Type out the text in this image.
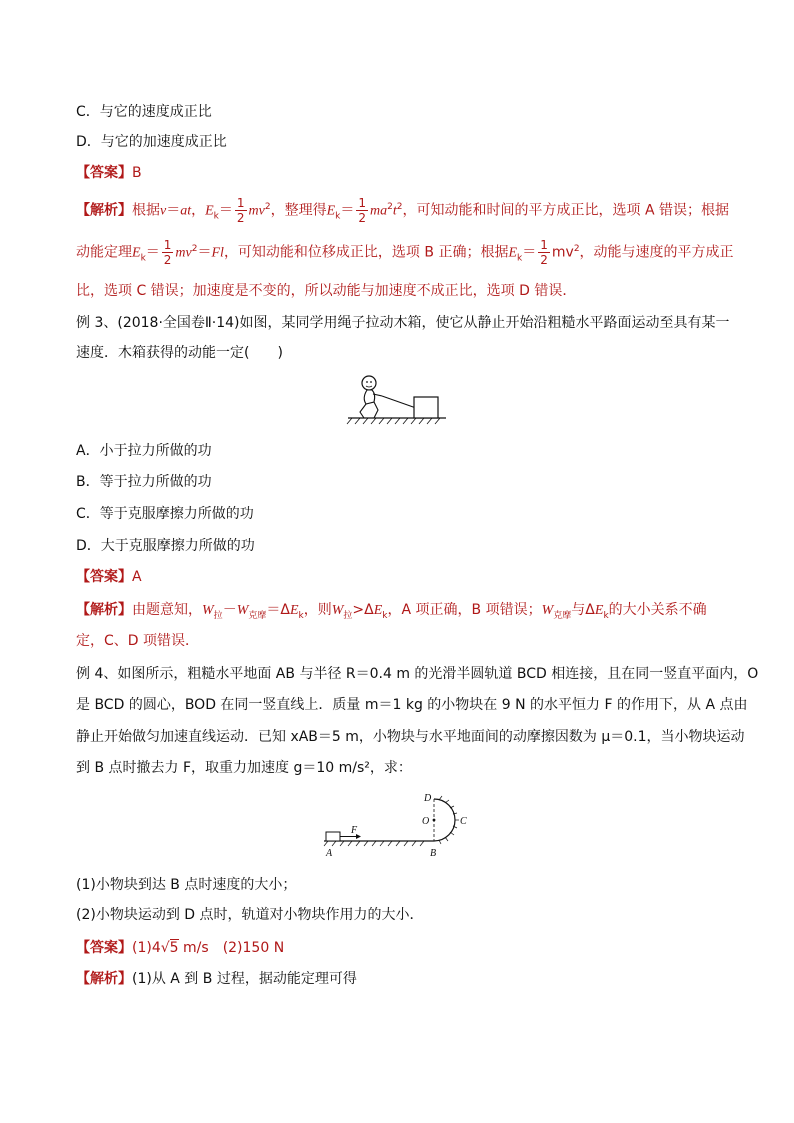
C．与它的速度成正比
D．与它的加速度成正比
【答案】B
【解析】根据v＝at，$E_k= \frac{1}{2} mv^2$，整理得$E_k= \frac{1}{2} ma^2t^2$，可知动能和时间的平方成正比，选项 A 错误；根据
动能定理$E_k= \frac{1}{2} mv^2=Fl$，可知动能和位移成正比，选项 B 正确；根据$E_k= \frac{1}{2} mv^2$，动能与速度的平方成正
比，选项 C 错误；加速度是不变的，所以动能与加速度不成正比，选项 D 错误．
例 3、(2018·全国卷Ⅱ·14)如图，某同学用绳子拉动木箱，使它从静止开始沿粗糙水平路面运动至具有某一
速度．木箱获得的动能一定(　　)
A．小于拉力所做的功
B．等于拉力所做的功
C．等于克服摩擦力所做的功
D．大于克服摩擦力所做的功
【答案】A
【解析】由题意知，$W_拉-W_{克摩}=\Delta E_k$，则$W_拉>\Delta E_k$，A 项正确，B 项错误；$W_{克摩}$与$\Delta E_k$的大小关系不确
定，C、D 项错误．
例 4、如图所示，粗糙水平地面 AB 与半径 R＝0.4 m 的光滑半圆轨道 BCD 相连接，且在同一竖直平面内，O
是 BCD 的圆心，BOD 在同一竖直线上．质量 m＝1 kg 的小物块在 9 N 的水平恒力 F 的作用下，从 A 点由
静止开始做匀加速直线运动．已知 xAB＝5 m，小物块与水平地面间的动摩擦因数为 μ＝0.1，当小物块运动
到 B 点时撤去力 F，取重力加速度 g＝10 m/s²，求：
F
A	B
C
D
O
(1)小物块到达 B 点时速度的大小；
(2)小物块运动到 D 点时，轨道对小物块作用力的大小．
【答案】(1)4√5 m/s　(2)150 N
【解析】(1)从 A 到 B 过程，据动能定理可得
